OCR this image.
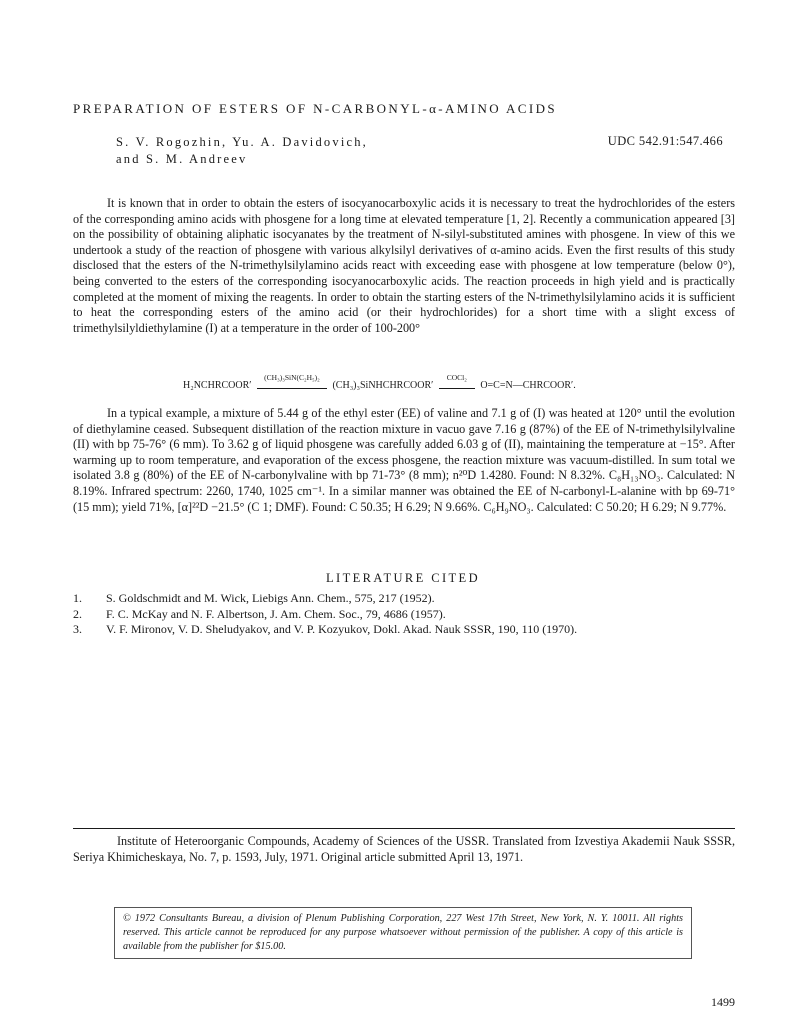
PREPARATION OF ESTERS OF N-CARBONYL-α-AMINO ACIDS
S. V. Rogozhin, Yu. A. Davidovich,
and S. M. Andreev
UDC 542.91:547.466

It is known that in order to obtain the esters of isocyanocarboxylic acids it is necessary to treat the hydrochlorides of the esters of the corresponding amino acids with phosgene for a long time at elevated temperature [1, 2]. Recently a communication appeared [3] on the possibility of obtaining aliphatic isocyanates by the treatment of N-silyl-substituted amines with phosgene. In view of this we undertook a study of the reaction of phosgene with various alkylsilyl derivatives of α-amino acids. Even the first results of this study disclosed that the esters of the N-trimethylsilylamino acids react with exceeding ease with phosgene at low temperature (below 0°), being converted to the esters of the corresponding isocyanocarboxylic acids. The reaction proceeds in high yield and is practically completed at the moment of mixing the reagents. In order to obtain the starting esters of the N-trimethylsilylamino acids it is sufficient to heat the corresponding esters of the amino acid (or their hydrochlorides) for a short time with a slight excess of trimethylsilyldiethylamine (I) at a temperature in the order of 100-200°

H₂NCHRCOOR′
(CH₃)₃SiN(C₂H₅)₂
(CH₃)₃SiNHCHRCOOR′
COCl₂
O=C=N—CHRCOOR′.

In a typical example, a mixture of 5.44 g of the ethyl ester (EE) of valine and 7.1 g of (I) was heated at 120° until the evolution of diethylamine ceased. Subsequent distillation of the reaction mixture in vacuo gave 7.16 g (87%) of the EE of N-trimethylsilylvaline (II) with bp 75-76° (6 mm). To 3.62 g of liquid phosgene was carefully added 6.03 g of (II), maintaining the temperature at −15°. After warming up to room temperature, and evaporation of the excess phosgene, the reaction mixture was vacuum-distilled. In sum total we isolated 3.8 g (80%) of the EE of N-carbonylvaline with bp 71-73° (8 mm); n²⁰D 1.4280. Found: N 8.32%. C₈H₁₃NO₃. Calculated: N 8.19%. Infrared spectrum: 2260, 1740, 1025 cm⁻¹. In a similar manner was obtained the EE of N-carbonyl-L-alanine with bp 69-71° (15 mm); yield 71%, [α]²²D −21.5° (C 1; DMF). Found: C 50.35; H 6.29; N 9.66%. C₆H₉NO₃. Calculated: C 50.20; H 6.29; N 9.77%.

LITERATURE CITED
1.	S. Goldschmidt and M. Wick, Liebigs Ann. Chem., 575, 217 (1952).
2.	F. C. McKay and N. F. Albertson, J. Am. Chem. Soc., 79, 4686 (1957).
3.	V. F. Mironov, V. D. Sheludyakov, and V. P. Kozyukov, Dokl. Akad. Nauk SSSR, 190, 110 (1970).
Institute of Heteroorganic Compounds, Academy of Sciences of the USSR. Translated from Izvestiya Akademii Nauk SSSR, Seriya Khimicheskaya, No. 7, p. 1593, July, 1971. Original article submitted April 13, 1971.
© 1972 Consultants Bureau, a division of Plenum Publishing Corporation, 227 West 17th Street, New York, N. Y. 10011. All rights reserved. This article cannot be reproduced for any purpose whatsoever without permission of the publisher. A copy of this article is available from the publisher for $15.00.
1499
